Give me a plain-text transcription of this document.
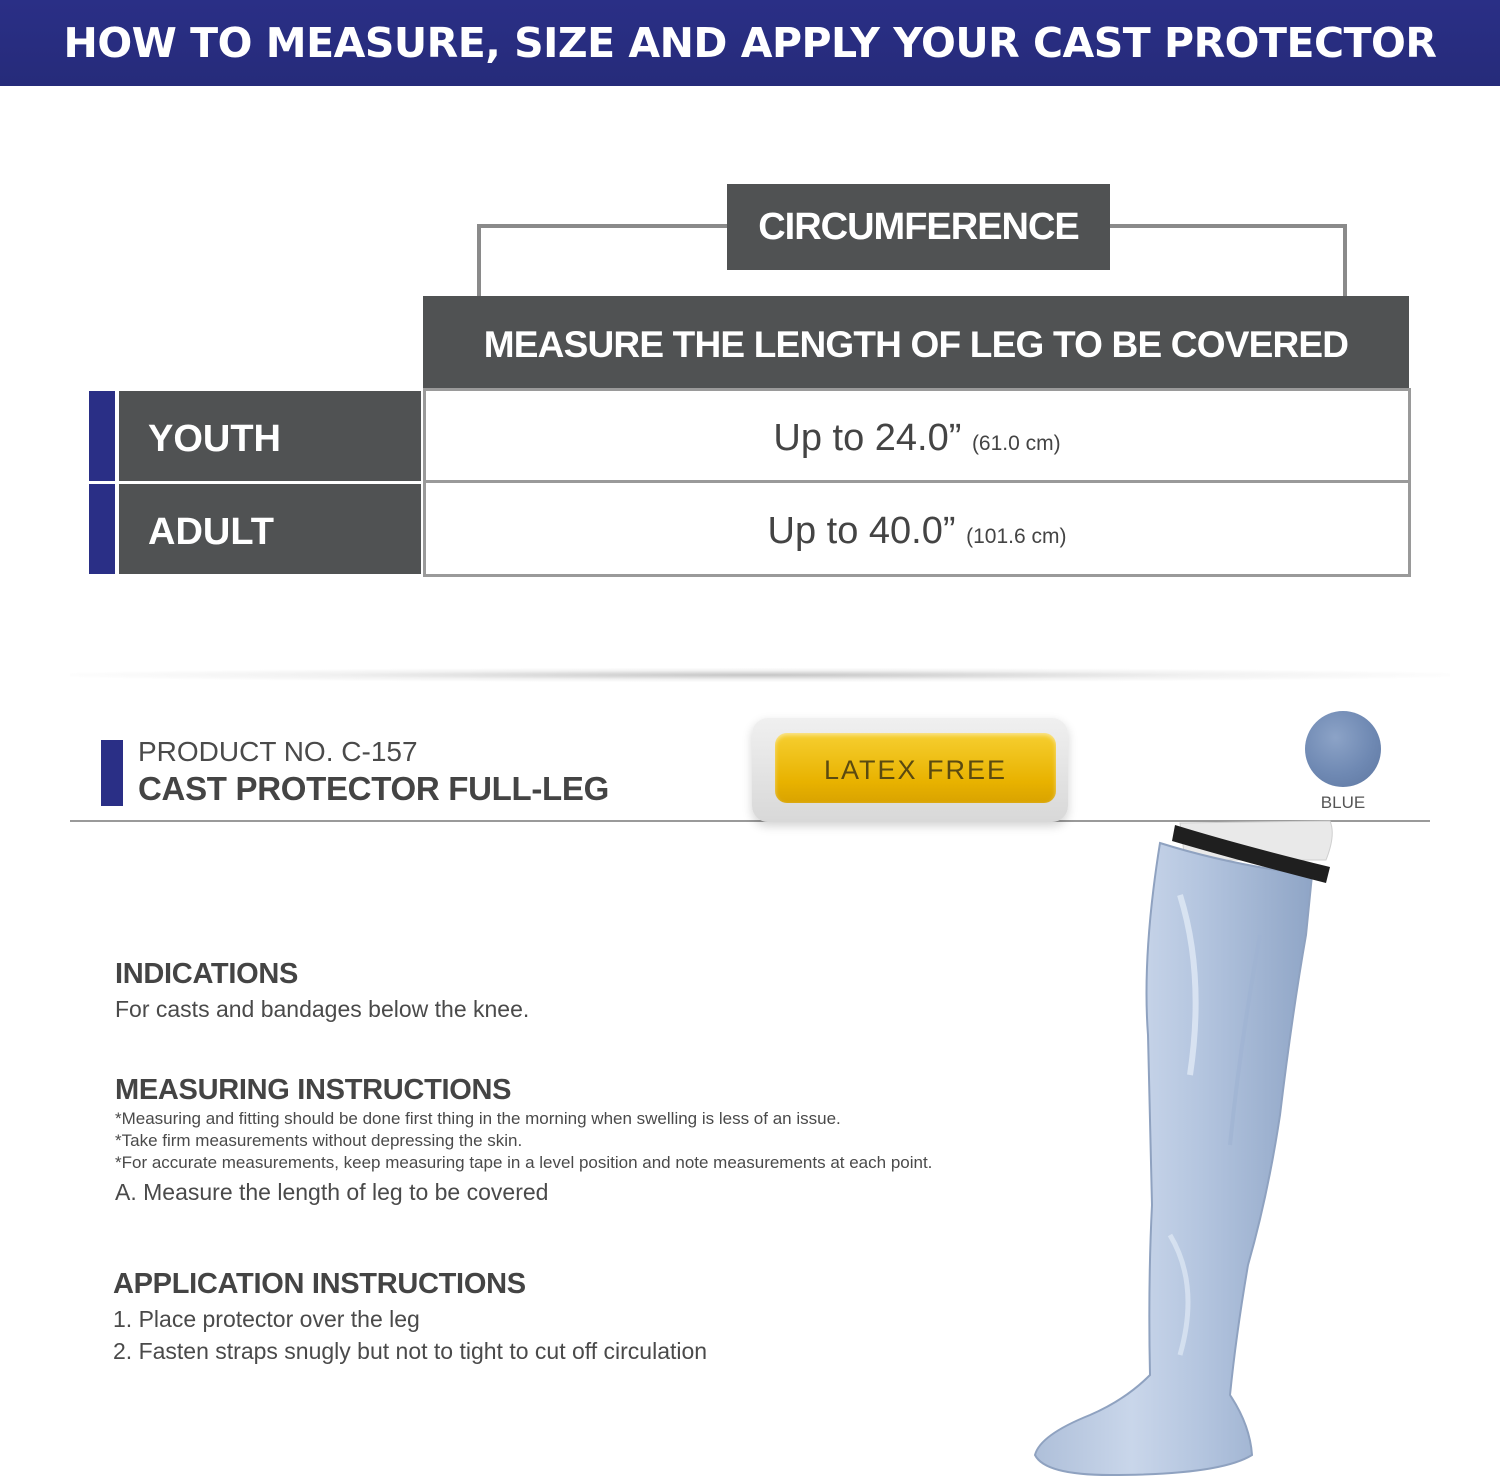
HOW TO MEASURE, SIZE AND APPLY YOUR CAST PROTECTOR
CIRCUMFERENCE
MEASURE THE LENGTH OF LEG TO BE COVERED
YOUTH	Up to 24.0” (61.0 cm)
ADULT	Up to 40.0” (101.6 cm)
PRODUCT NO. C-157
CAST PROTECTOR FULL-LEG	LATEX FREE
BLUE
INDICATIONS
For casts and bandages below the knee.
MEASURING INSTRUCTIONS
*Measuring and fitting should be done first thing in the morning when swelling is less of an issue.
*Take firm measurements without depressing the skin.
*For accurate measurements, keep measuring tape in a level position and note measurements at each point.
A. Measure the length of leg to be covered
APPLICATION INSTRUCTIONS
1. Place protector over the leg
2. Fasten straps snugly but not to tight to cut off circulation
